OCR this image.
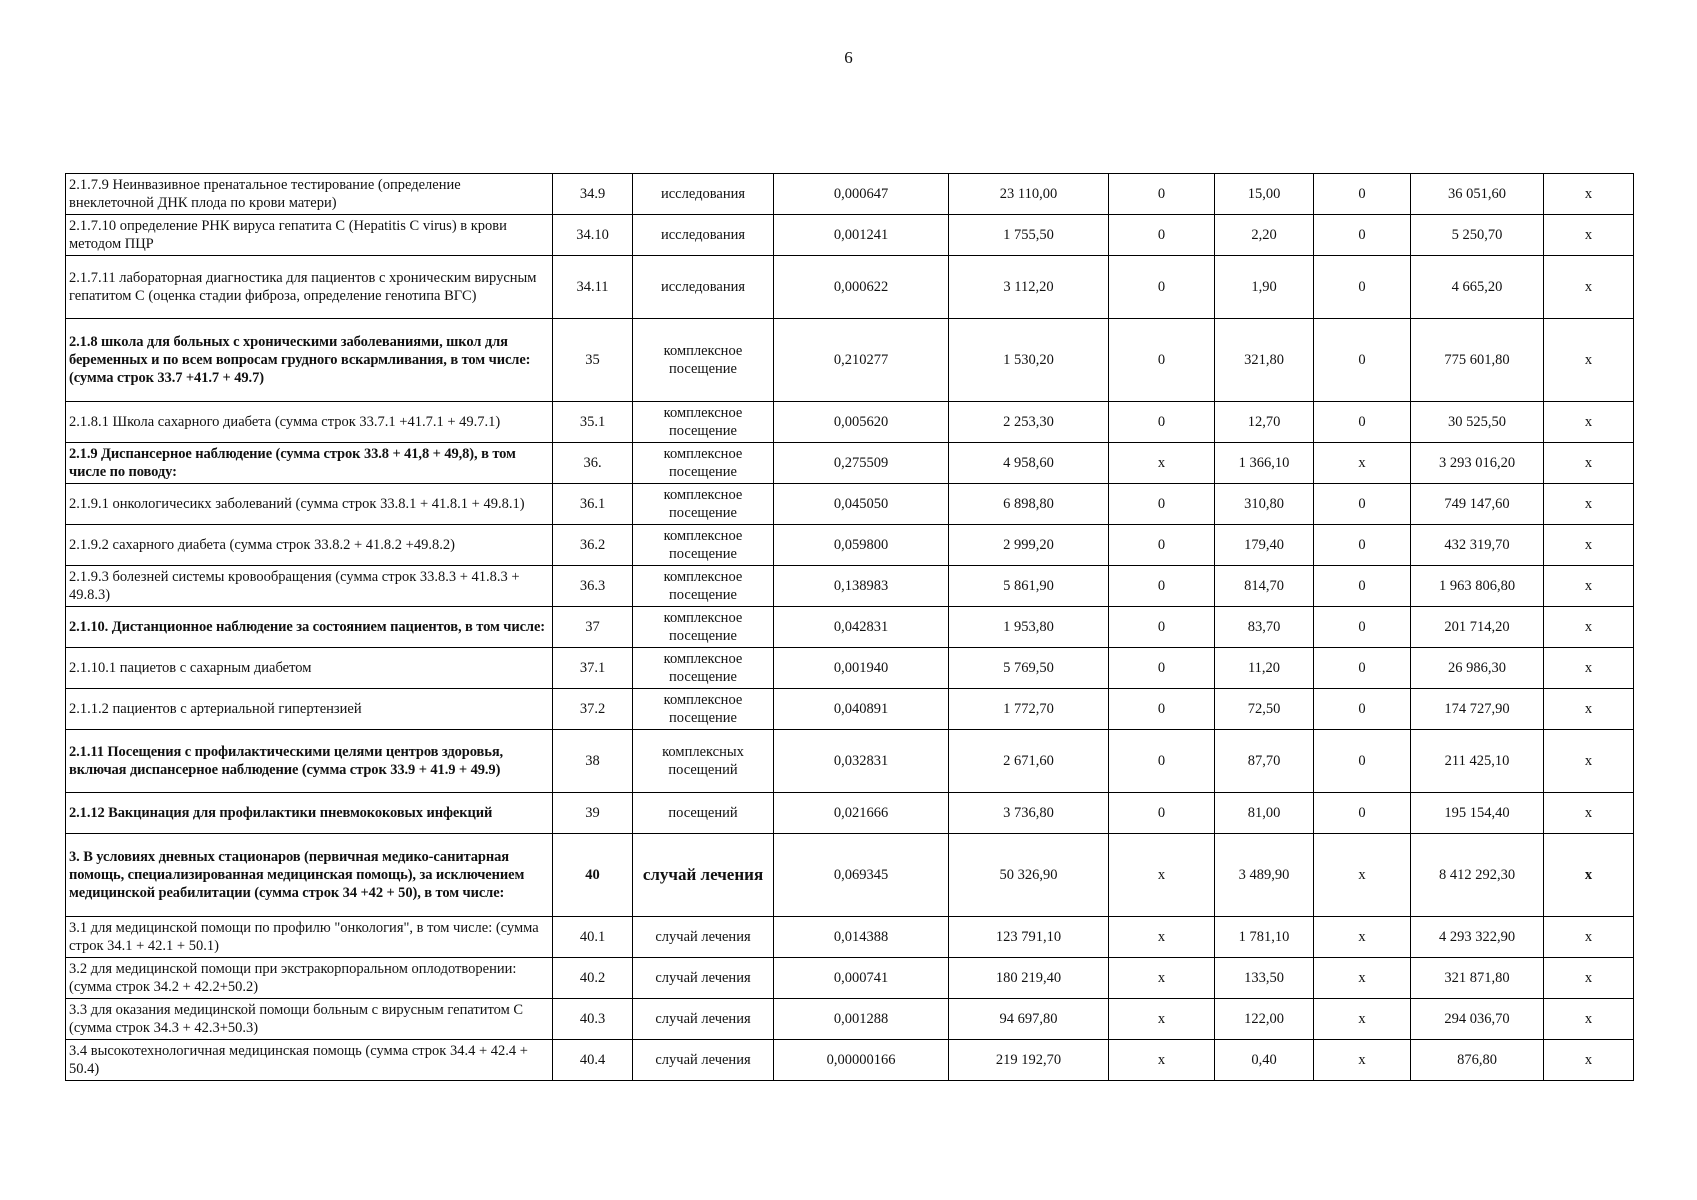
6
2.1.7.9 Неинвазивное пренатальное тестирование (определение внеклеточной ДНК плода по крови матери)	34.9	исследования	0,000647	23 110,00	0	15,00	0	36 051,60	х
2.1.7.10 определение РНК вируса гепатита С (Hepatitis C virus) в крови методом ПЦР	34.10	исследования	0,001241	1 755,50	0	2,20	0	5 250,70	х
2.1.7.11 лабораторная диагностика для пациентов с хроническим вирусным гепатитом С (оценка стадии фиброза, определение генотипа ВГС)	34.11	исследования	0,000622	3 112,20	0	1,90	0	4 665,20	х
2.1.8 школа для больных с хроническими заболеваниями, школ для беременных и по всем вопросам грудного вскармливания, в том числе: (сумма строк 33.7 +41.7 + 49.7)	35	комплексное посещение	0,210277	1 530,20	0	321,80	0	775 601,80	х
2.1.8.1 Школа сахарного диабета (сумма строк 33.7.1 +41.7.1 + 49.7.1)	35.1	комплексное посещение	0,005620	2 253,30	0	12,70	0	30 525,50	х
2.1.9 Диспансерное наблюдение (сумма строк 33.8 + 41,8 + 49,8), в том числе по поводу:	36.	комплексное посещение	0,275509	4 958,60	х	1 366,10	х	3 293 016,20	х
2.1.9.1 онкологичесикх заболеваний (сумма строк 33.8.1 + 41.8.1 + 49.8.1)	36.1	комплексное посещение	0,045050	6 898,80	0	310,80	0	749 147,60	х
2.1.9.2 сахарного диабета (сумма строк 33.8.2 + 41.8.2 +49.8.2)	36.2	комплексное посещение	0,059800	2 999,20	0	179,40	0	432 319,70	х
2.1.9.3 болезней системы кровообращения (сумма строк 33.8.3 + 41.8.3 + 49.8.3)	36.3	комплексное посещение	0,138983	5 861,90	0	814,70	0	1 963 806,80	х
2.1.10. Дистанционное наблюдение за состоянием пациентов, в том числе:	37	комплексное посещение	0,042831	1 953,80	0	83,70	0	201 714,20	х
2.1.10.1 пациетов с сахарным диабетом	37.1	комплексное посещение	0,001940	5 769,50	0	11,20	0	26 986,30	х
2.1.1.2 пациентов с артериальной гипертензией	37.2	комплексное посещение	0,040891	1 772,70	0	72,50	0	174 727,90	х
2.1.11 Посещения с профилактическими целями центров здоровья, включая диспансерное наблюдение (сумма строк 33.9 + 41.9 + 49.9)	38	комплексных посещений	0,032831	2 671,60	0	87,70	0	211 425,10	х
2.1.12 Вакцинация для профилактики пневмококовых инфекций	39	посещений	0,021666	3 736,80	0	81,00	0	195 154,40	х
3. В условиях дневных стационаров (первичная медико-санитарная помощь, специализированная медицинская помощь), за исключением медицинской реабилитации (сумма строк 34 +42 + 50), в том числе:	40	случай лечения	0,069345	50 326,90	х	3 489,90	х	8 412 292,30	х
3.1 для медицинской помощи по профилю "онкология", в том числе: (сумма строк 34.1 + 42.1 + 50.1)	40.1	случай лечения	0,014388	123 791,10	х	1 781,10	х	4 293 322,90	х
3.2 для медицинской помощи при экстракорпоральном оплодотворении: (сумма строк 34.2 + 42.2+50.2)	40.2	случай лечения	0,000741	180 219,40	х	133,50	х	321 871,80	х
3.3 для оказания медицинской помощи больным с вирусным гепатитом С (сумма строк 34.3 + 42.3+50.3)	40.3	случай лечения	0,001288	94 697,80	х	122,00	х	294 036,70	х
3.4 высокотехнологичная медицинская помощь (сумма строк 34.4 + 42.4 + 50.4)	40.4	случай лечения	0,00000166	219 192,70	х	0,40	х	876,80	х
